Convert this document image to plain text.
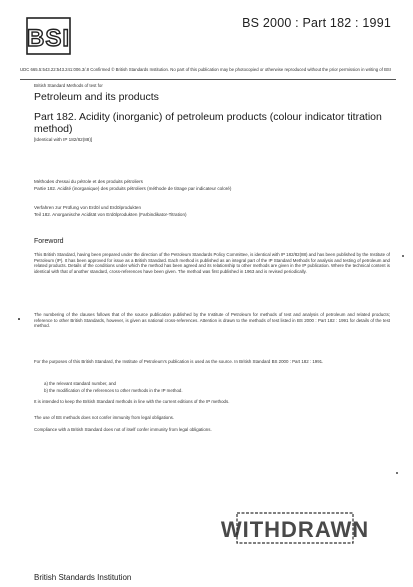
BSI
BS 2000 : Part 182 : 1991
UDC 665.5:543.22:543.241:006.3/.8 Confirmed © British Standards Institution. No part of this publication may be photocopied or otherwise reproduced without the prior permission in writing of BSI
British Standard Methods of test for
Petroleum and its products
Part 182. Acidity (inorganic) of petroleum products (colour indicator titration method)
[Identical with IP 182/82(88)]
Méthodes d'essai du pétrole et des produits pétroliers
Partie 182. Acidité (inorganique) des produits pétroliers (méthode de titrage par indicateur coloré)
Verfahren zur Prüfung von Erdöl und Erdölprodukten
Teil 182. Anorganische Acidität von Erdölprodukten (Farbindikator-Titration)
Foreword
This British Standard, having been prepared under the direction of the Petroleum Standards Policy Committee, is identical with IP 182/82(88) and has been published by the Institute of Petroleum (IP). It has been approved for issue as a British Standard. Each method is published as an integral part of the IP Standard Methods for analysis and testing of petroleum and related products. Details of the conditions under which the method has been agreed and its relationship to other methods are given in the IP publication. Where the technical content is identical with that of another standard, cross-references have been given. The method was first published in 1963 and is revised periodically.
The numbering of the clauses follows that of the source publication published by the Institute of Petroleum for methods of test and analysis of petroleum and related products; reference to other British Standards, however, is given as national cross-references. Attention is drawn to the methods of test listed in BS 2000 : Part 182 : 1991 for details of the test method.
For the purposes of this British Standard, the Institute of Petroleum's publication is used as the source. In British Standard BS 2000 : Part 182 : 1991.
a) the relevant standard number, and
b) the modification of the references to other methods in the IP method.
It is intended to keep the British Standard methods in line with the current editions of the IP methods.
The use of BS methods does not confer immunity from legal obligations.
Compliance with a British Standard does not of itself confer immunity from legal obligations.
WITHDRAWN
British Standards Institution
